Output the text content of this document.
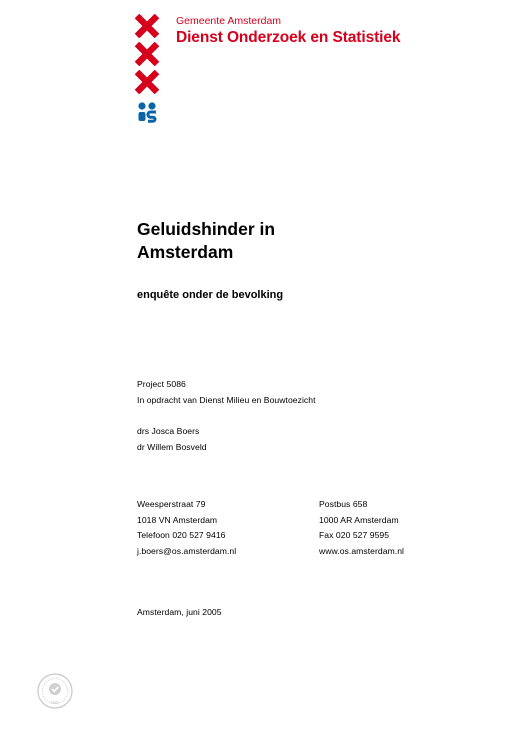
Gemeente Amsterdam
Dienst Onderzoek en Statistiek
Geluidshinder in
Amsterdam
enquête onder de bevolking
Project 5086
In opdracht van Dienst Milieu en Bouwtoezicht
drs Josca Boers
dr Willem Bosveld
Weesperstraat 79
1018 VN Amsterdam
Telefoon 020 527 9416
j.boers@os.amsterdam.nl
Postbus 658
1000 AR Amsterdam
Fax 020 527 9595
www.os.amsterdam.nl
Amsterdam, juni 2005
ISO
